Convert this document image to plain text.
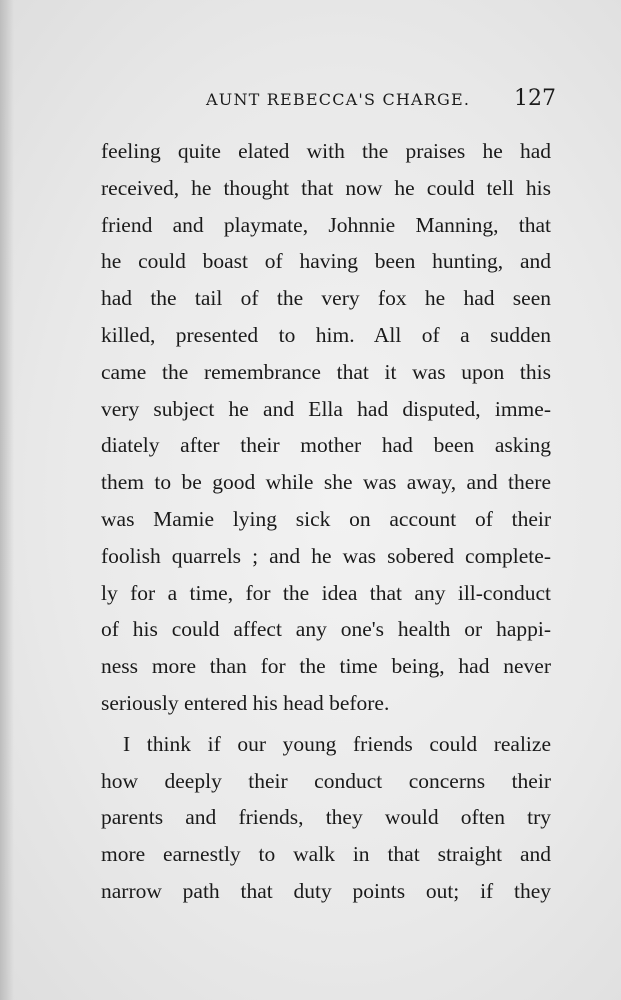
AUNT REBECCA'S CHARGE. 127
feeling quite elated with the praises he had
received, he thought that now he could tell his
friend and playmate, Johnnie Manning, that
he could boast of having been hunting, and
had the tail of the very fox he had seen
killed, presented to him. All of a sudden
came the remembrance that it was upon this
very subject he and Ella had disputed, imme-
diately after their mother had been asking
them to be good while she was away, and there
was Mamie lying sick on account of their
foolish quarrels ; and he was sobered complete-
ly for a time, for the idea that any ill-conduct
of his could affect any one's health or happi-
ness more than for the time being, had never
seriously entered his head before.
I think if our young friends could realize
how deeply their conduct concerns their
parents and friends, they would often try
more earnestly to walk in that straight and
narrow path that duty points out; if they
